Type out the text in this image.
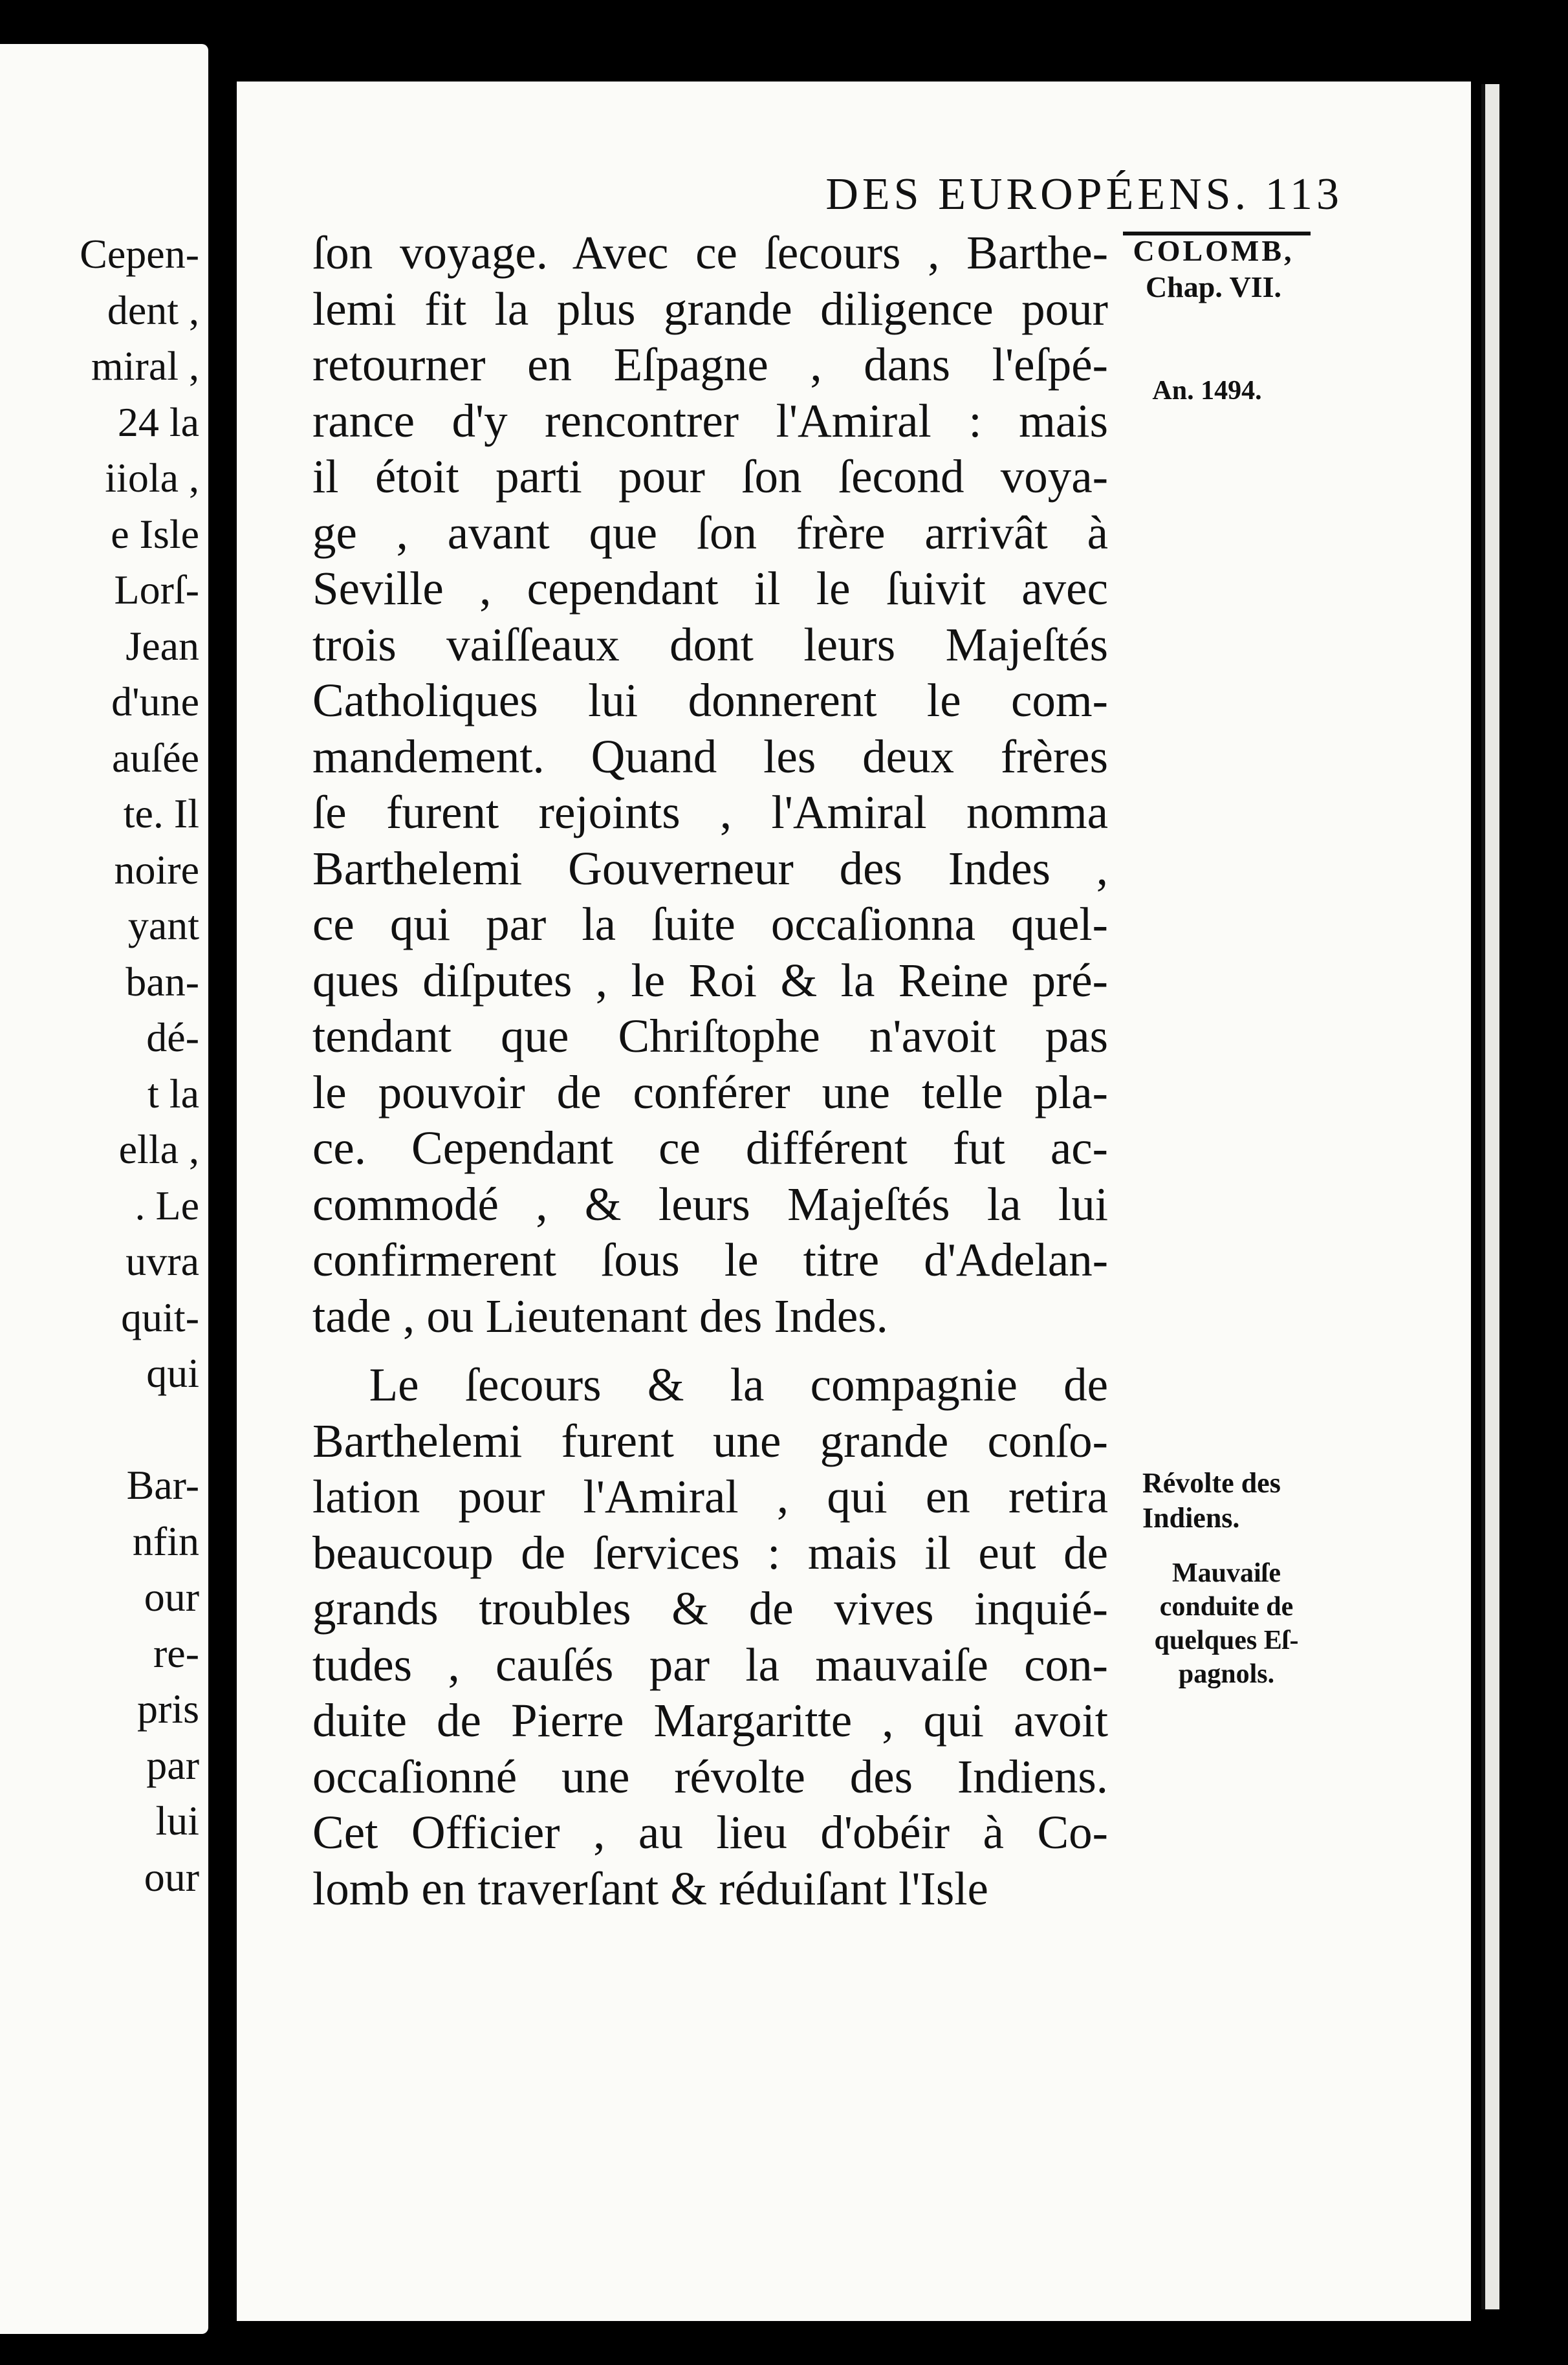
Cepen-
dent ,
miral ,
24 la
iiola ,
e Isle
Lorſ-
Jean
d'une
auſée
te. Il
noire
yant
ban-
dé-
t la
ella ,
. Le
uvra
quit-
qui

Bar-
nfin
our
re-
pris
par
lui
our
DES EUROPÉENS. 113
ſon voyage. Avec ce ſecours , Barthe-
lemi fit la plus grande diligence pour
retourner en Eſpagne , dans l'eſpé-
rance d'y rencontrer l'Amiral : mais
il étoit parti pour ſon ſecond voya-
ge , avant que ſon frère arrivât à
Seville , cependant il le ſuivit avec
trois vaiſſeaux dont leurs Majeſtés
Catholiques lui donnerent le com-
mandement. Quand les deux frères
ſe furent rejoints , l'Amiral nomma
Barthelemi Gouverneur des Indes ,
ce qui par la ſuite occaſionna quel-
ques diſputes , le Roi & la Reine pré-
tendant que Chriſtophe n'avoit pas
le pouvoir de conférer une telle pla-
ce. Cependant ce différent fut ac-
commodé , & leurs Majeſtés la lui
confirmerent ſous le titre d'Adelan-
tade , ou Lieutenant des Indes.
Le ſecours & la compagnie de
Barthelemi furent une grande conſo-
lation pour l'Amiral , qui en retira
beaucoup de ſervices : mais il eut de
grands troubles & de vives inquié-
tudes , cauſés par la mauvaiſe con-
duite de Pierre Margaritte , qui avoit
occaſionné une révolte des Indiens.
Cet Officier , au lieu d'obéir à Co-
lomb en traverſant & réduiſant l'Isle
COLOMB,
Chap. VII.
An. 1494.
Révolte des
Indiens.
Mauvaiſe
conduite de
quelques Eſ-
pagnols.
